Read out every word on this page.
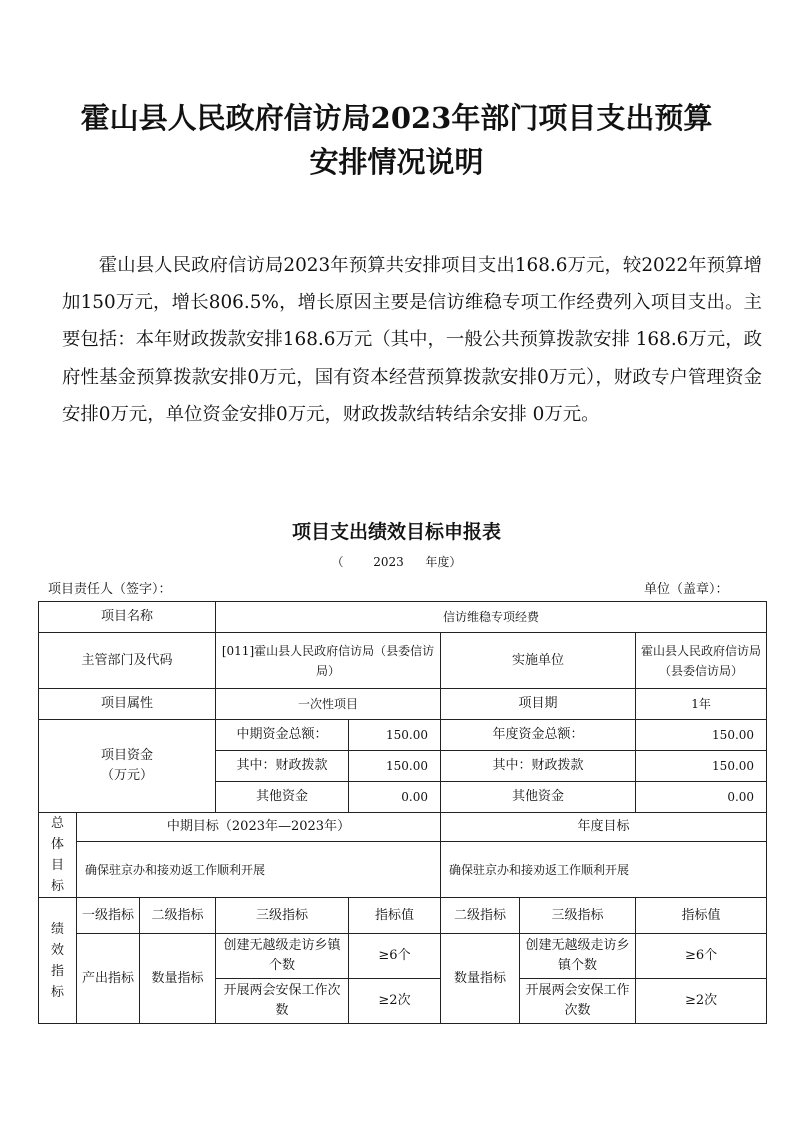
霍山县人民政府信访局2023年部门项目支出预算
安排情况说明

霍山县人民政府信访局2023年预算共安排项目支出168.6万元，较2022年预算增加150万元，增长806.5%，增长原因主要是信访维稳专项工作经费列入项目支出。主要包括：本年财政拨款安排168.6万元（其中，一般公共预算拨款安排 168.6万元，政府性基金预算拨款安排0万元，国有资本经营预算拨款安排0万元），财政专户管理资金安排0万元，单位资金安排0万元，财政拨款结转结余安排 0万元。

项目支出绩效目标申报表
（ 2023 年度）
项目责任人（签字）：	单位（盖章）：
项目名称			信访维稳专项经费				
主管部门及代码			[011]霍山县人民政府信访局（县委信访局）		实施单位		霍山县人民政府信访局（县委信访局）
项目属性			一次性项目		项目期		1年

项目资金
（万元）			中期资金总额：	150.00	年度资金总额：		150.00
			其中：财政拨款	150.00	其中：财政拨款		150.00
			其他资金	0.00	其他资金		0.00

总
体
目
标	中期目标（2023年—2023年）				年度目标		
	确保驻京办和接劝返工作顺利开展				确保驻京办和接劝返工作顺利开展		

绩
效
指
标	一级指标	二级指标	三级指标	指标值	二级指标	三级指标	指标值
	产出指标	数量指标	创建无越级走访乡镇个数	≥6个	数量指标	创建无越级走访乡镇个数	≥6个
			开展两会安保工作次数	≥2次		开展两会安保工作次数	≥2次
